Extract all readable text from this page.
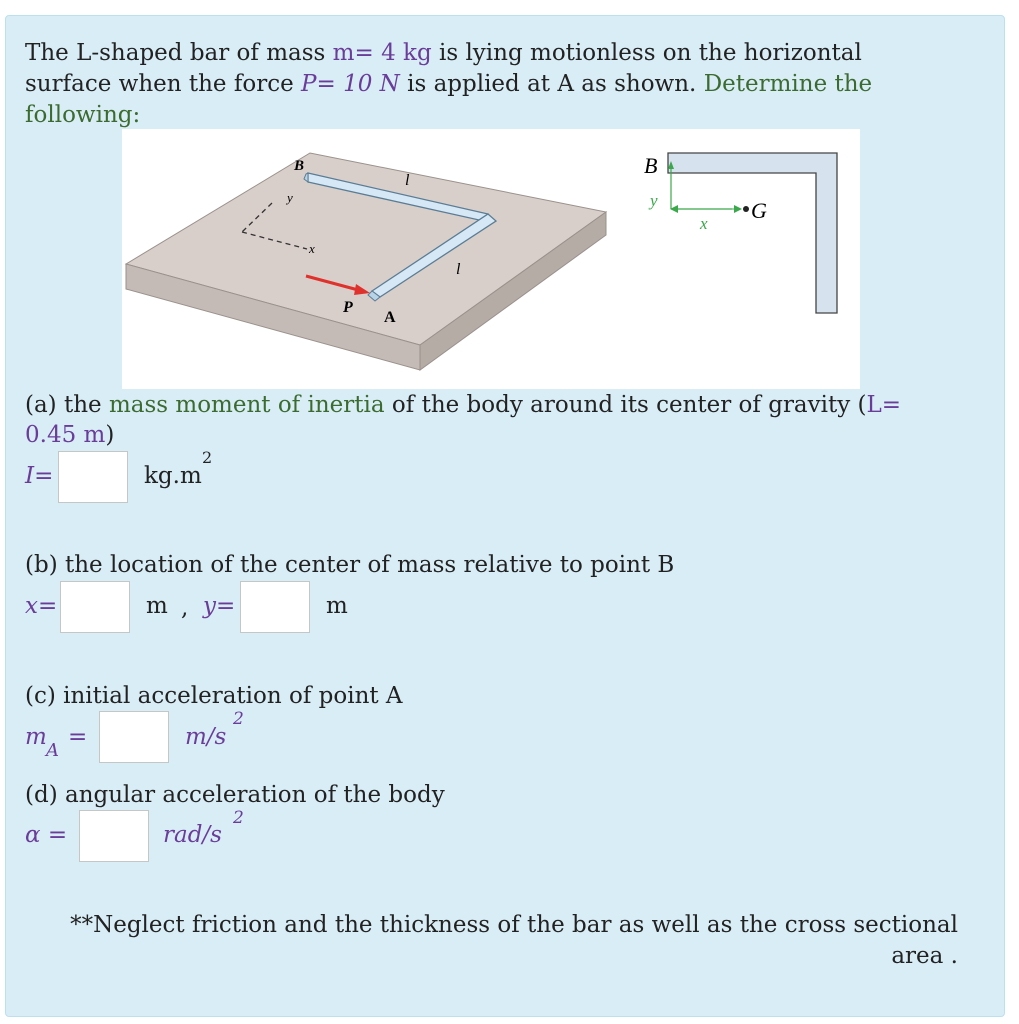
The L-shaped bar of mass m= 4 kg is lying motionless on the horizontal
surface when the force P= 10 N is applied at A as shown. Determine the
following:
B
l
l
y
x
P
A
B
y
x
G
(a) the mass moment of inertia of the body around its center of gravity (L=
0.45 m)
I=	kg.m
2
(b) the location of the center of mass relative to point B
x=	m , y=	m
(c) initial acceleration of point A
m
A
=	m/s
2
(d) angular acceleration of the body
α =	rad/s
2
**Neglect friction and the thickness of the bar as well as the cross sectional
area .
